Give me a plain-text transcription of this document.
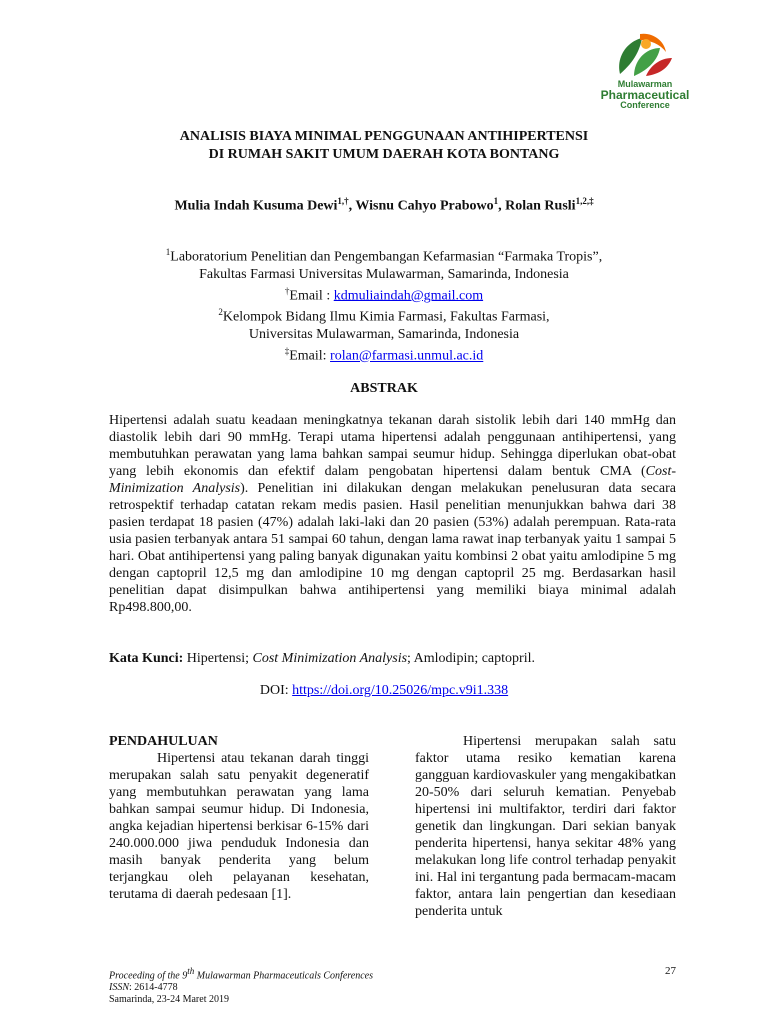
Mulawarman
Pharmaceutical
Conference
ANALISIS BIAYA MINIMAL PENGGUNAAN ANTIHIPERTENSI
DI RUMAH SAKIT UMUM DAERAH KOTA BONTANG
Mulia Indah Kusuma Dewi$^{1,\dagger}$, Wisnu Cahyo Prabowo$^1$, Rolan Rusli$^{1,2,\ddagger}$
$^1$Laboratorium Penelitian dan Pengembangan Kefarmasian “Farmaka Tropis”,
Fakultas Farmasi Universitas Mulawarman, Samarinda, Indonesia
†Email : kdmuliaindah@gmail.com
$^2$Kelompok Bidang Ilmu Kimia Farmasi, Fakultas Farmasi,
Universitas Mulawarman, Samarinda, Indonesia
‡Email: rolan@farmasi.unmul.ac.id
ABSTRAK
Hipertensi adalah suatu keadaan meningkatnya tekanan darah sistolik lebih dari 140 mmHg dan diastolik lebih dari 90 mmHg. Terapi utama hipertensi adalah penggunaan antihipertensi, yang membutuhkan perawatan yang lama bahkan sampai seumur hidup. Sehingga diperlukan obat-obat yang lebih ekonomis dan efektif dalam pengobatan hipertensi dalam bentuk CMA (Cost-Minimization Analysis). Penelitian ini dilakukan dengan melakukan penelusuran data secara retrospektif terhadap catatan rekam medis pasien. Hasil penelitian menunjukkan bahwa dari 38 pasien terdapat 18 pasien (47%) adalah laki-laki dan 20 pasien (53%) adalah perempuan. Rata-rata usia pasien terbanyak antara 51 sampai 60 tahun, dengan lama rawat inap terbanyak yaitu 1 sampai 5 hari. Obat antihipertensi yang paling banyak digunakan yaitu kombinsi 2 obat yaitu amlodipine 5 mg dengan captopril 12,5 mg dan amlodipine 10 mg dengan captopril 25 mg. Berdasarkan hasil penelitian dapat disimpulkan bahwa antihipertensi yang memiliki biaya minimal adalah Rp498.800,00.
Kata Kunci: Hipertensi; Cost Minimization Analysis; Amlodipin; captopril.
DOI: https://doi.org/10.25026/mpc.v9i1.338
PENDAHULUAN
Hipertensi atau tekanan darah tinggi merupakan salah satu penyakit degeneratif yang membutuhkan perawatan yang lama bahkan sampai seumur hidup. Di Indonesia, angka kejadian hipertensi berkisar 6-15% dari 240.000.000 jiwa penduduk Indonesia dan masih banyak penderita yang belum terjangkau oleh pelayanan kesehatan, terutama di daerah pedesaan [1].
Hipertensi merupakan salah satu faktor utama resiko kematian karena gangguan kardiovaskuler yang mengakibatkan 20-50% dari seluruh kematian. Penyebab hipertensi ini multifaktor, terdiri dari faktor genetik dan lingkungan. Dari sekian banyak penderita hipertensi, hanya sekitar 48% yang melakukan long life control terhadap penyakit ini. Hal ini tergantung pada bermacam-macam faktor, antara lain pengertian dan kesediaan penderita untuk
Proceeding of the 9th Mulawarman Pharmaceuticals Conferences
ISSN: 2614-4778
Samarinda, 23-24 Maret 2019
27
